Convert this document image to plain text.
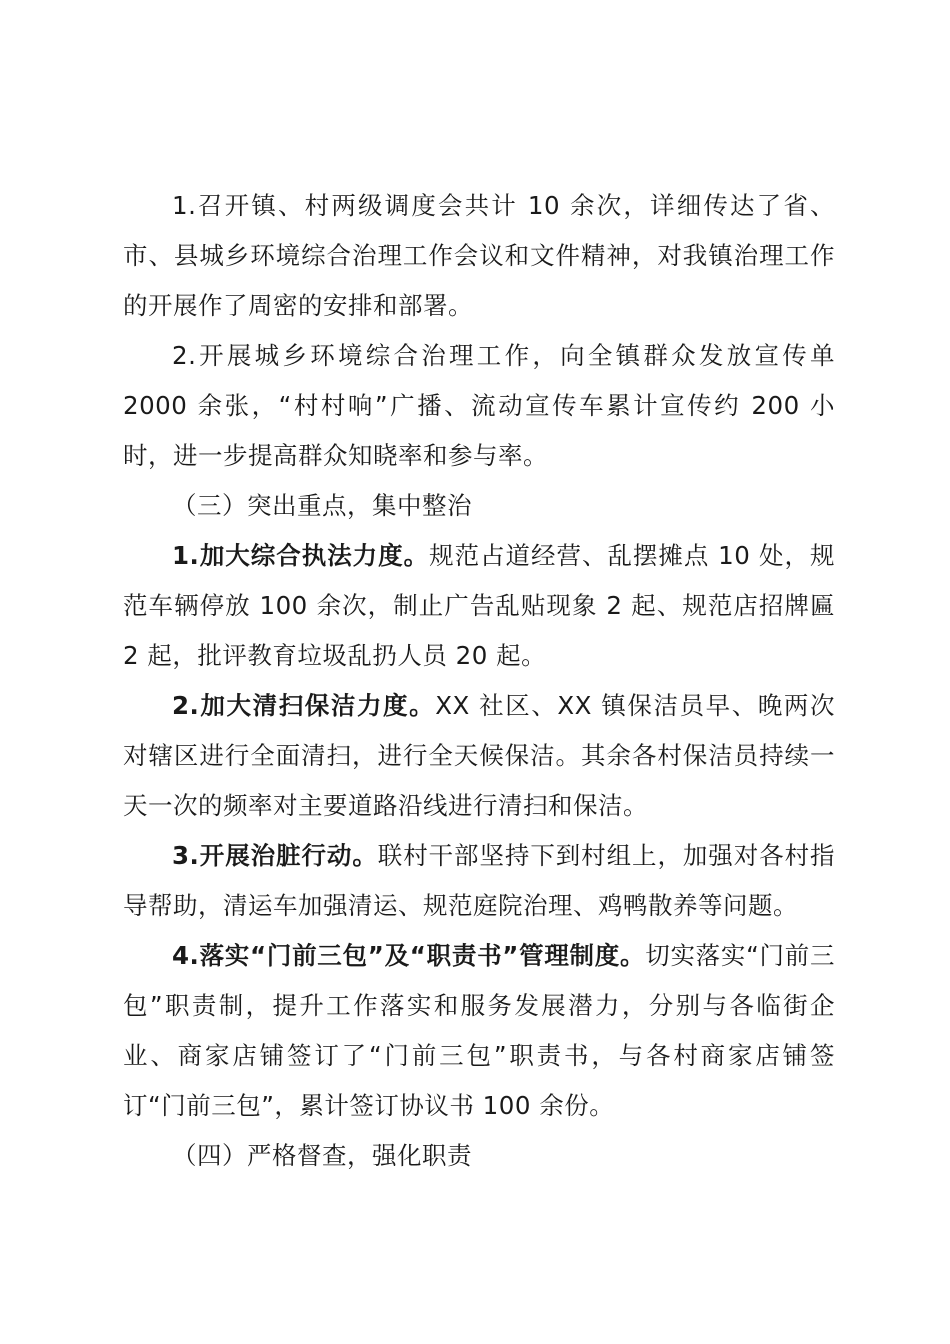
1.召开镇、村两级调度会共计 10 余次，详细传达了省、市、县城乡环境综合治理工作会议和文件精神，对我镇治理工作的开展作了周密的安排和部署。

2.开展城乡环境综合治理工作，向全镇群众发放宣传单 2000 余张，“村村响”广播、流动宣传车累计宣传约 200 小时，进一步提高群众知晓率和参与率。

（三）突出重点，集中整治

1.加大综合执法力度。规范占道经营、乱摆摊点 10 处，规范车辆停放 100 余次，制止广告乱贴现象 2 起、规范店招牌匾 2 起，批评教育垃圾乱扔人员 20 起。

2.加大清扫保洁力度。XX 社区、XX 镇保洁员早、晚两次对辖区进行全面清扫，进行全天候保洁。其余各村保洁员持续一天一次的频率对主要道路沿线进行清扫和保洁。

3.开展治脏行动。联村干部坚持下到村组上，加强对各村指导帮助，清运车加强清运、规范庭院治理、鸡鸭散养等问题。

4.落实“门前三包”及“职责书”管理制度。切实落实“门前三包”职责制，提升工作落实和服务发展潜力，分别与各临街企业、商家店铺签订了“门前三包”职责书，与各村商家店铺签订“门前三包”，累计签订协议书 100 余份。

（四）严格督查，强化职责
